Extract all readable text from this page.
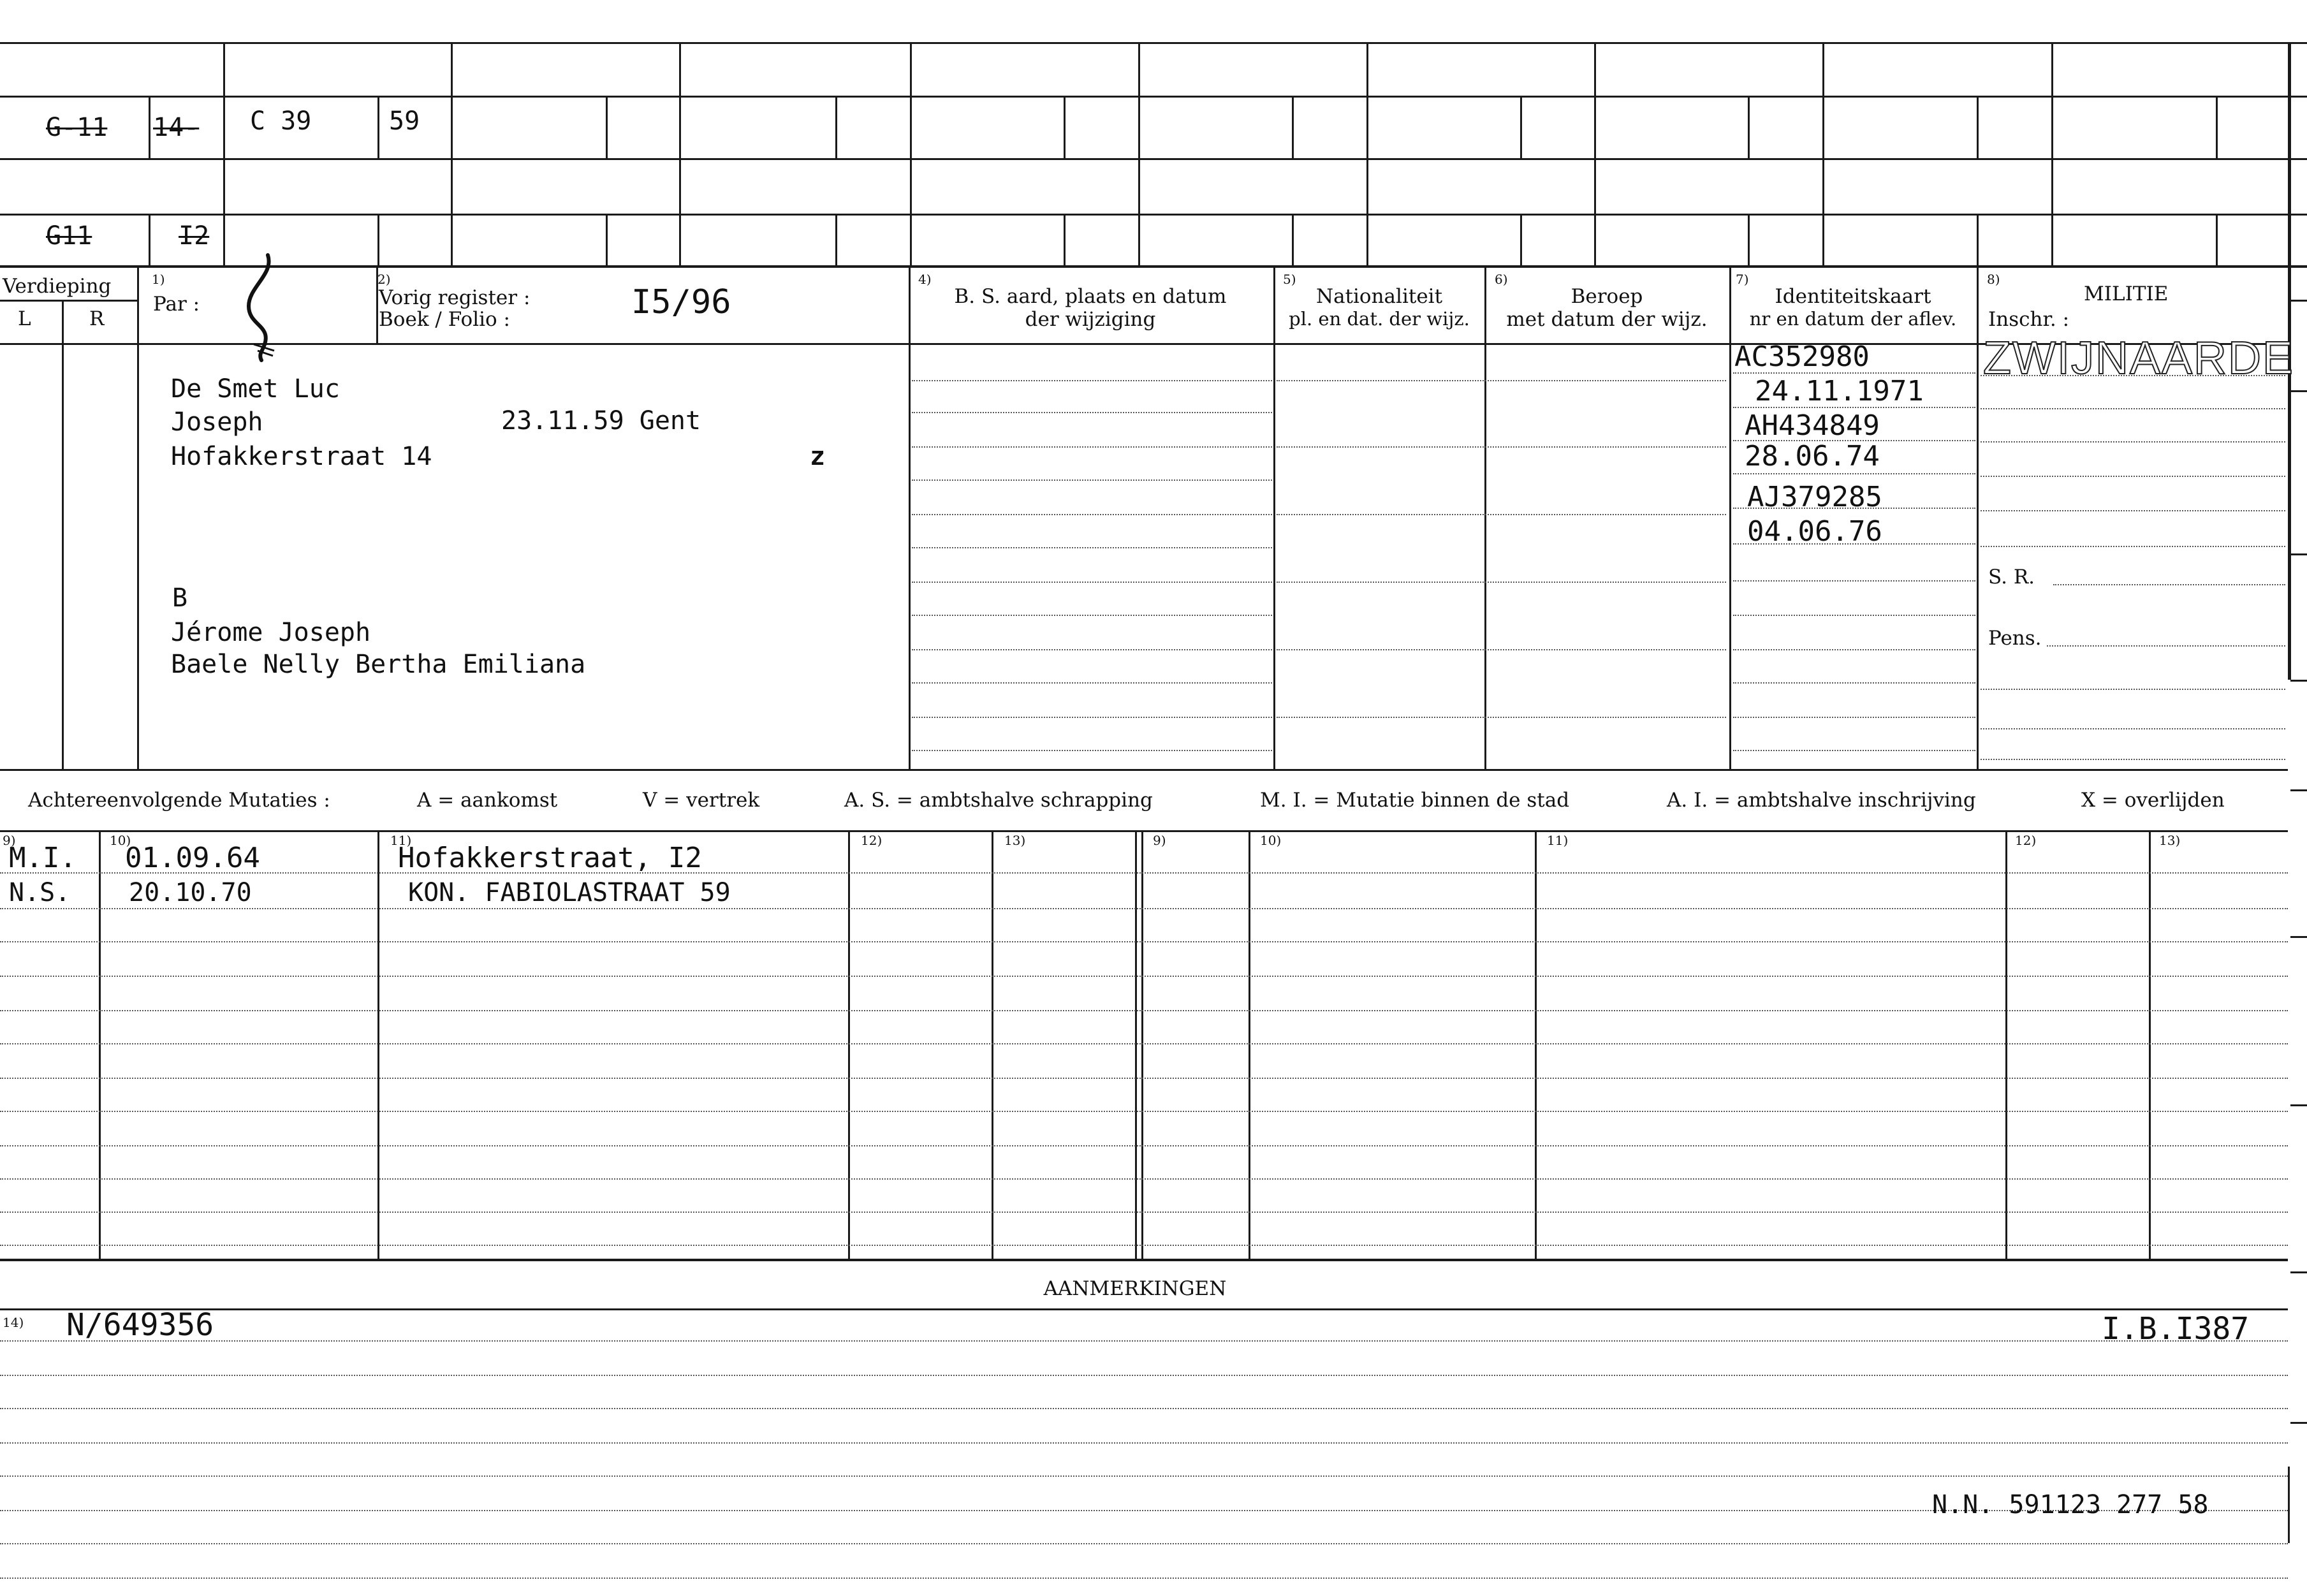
G-11 14- C 39	59
G11	I2
Verdieping
L	R
1)
Par :
2)
Vorig register :
Boek / Folio :	I5/96
4)
B. S. aard, plaats en datum
der wijziging
5)
Nationaliteit
pl. en dat. der wijz.
6)
Beroep
met datum der wijz.
7)
Identiteitskaart
nr en datum der aflev.
8)
MILITIE
Inschr. :
S. R.
Pens.
De Smet Luc
Joseph	23.11.59 Gent
Hofakkerstraat 14	z
B
Jérome Joseph
Baele Nelly Bertha Emiliana
AC352980
24.11.1971
AH434849
28.06.74
AJ379285
04.06.76
ZWIJNAARDE
Achtereenvolgende Mutaties :	A = aankomst	V = vertrek	A. S. = ambtshalve schrapping	M. I. = Mutatie binnen de stad	A. I. = ambtshalve inschrijving	X = overlijden
9)	10)	11)	12)	13)	9)	10)	11)	12)	13)
M.I. 01.09.64	Hofakkerstraat, I2
N.S. 20.10.70	KON. FABIOLASTRAAT 59
AANMERKINGEN
14) N/649356	I.B.I387
N.N. 591123 277 58
